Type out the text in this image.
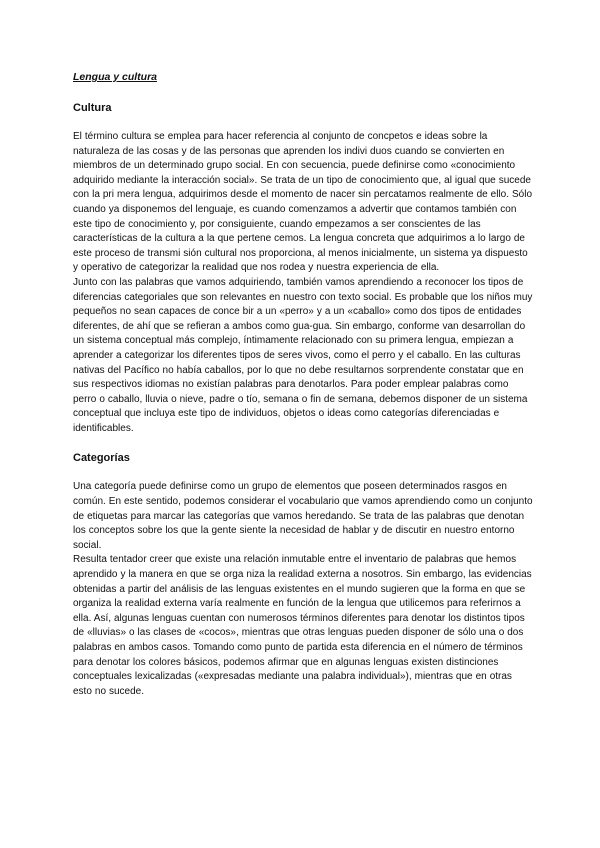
Lengua y cultura

Cultura

El término cultura se emplea para hacer referencia al conjunto de concpetos e ideas sobre la naturaleza de las cosas y de las personas que aprenden los indivi duos cuando se convierten en miembros de un determinado grupo social. En con secuencia, puede definirse como «conocimiento adquirido mediante la interacción social». Se trata de un tipo de conocimiento que, al igual que sucede con la pri mera lengua, adquirimos desde el momento de nacer sin percatamos realmente de ello. Sólo cuando ya disponemos del lenguaje, es cuando comenzamos a advertir que contamos también con este tipo de conocimiento y, por consiguiente, cuando empezamos a ser conscientes de las características de la cultura a la que pertene cemos. La lengua concreta que adquirimos a lo largo de este proceso de transmi sión cultural nos proporciona, al menos inicialmente, un sistema ya dispuesto y operativo de categorizar la realidad que nos rodea y nuestra experiencia de ella.

Junto con las palabras que vamos adquiriendo, también vamos aprendiendo a reconocer los tipos de diferencias categoriales que son relevantes en nuestro con texto social. Es probable que los niños muy pequeños no sean capaces de conce bir a un «perro» y a un «caballo» como dos tipos de entidades diferentes, de ahí que se refieran a ambos como gua-gua. Sin embargo, conforme van desarrollan do un sistema conceptual más complejo, íntimamente relacionado con su primera lengua, empiezan a aprender a categorizar los diferentes tipos de seres vivos, como el perro y el caballo. En las culturas nativas del Pacífico no había caballos, por lo que no debe resultarnos sorprendente constatar que en sus respectivos idiomas no existían palabras para denotarlos. Para poder emplear palabras como perro o caballo, lluvia o nieve, padre o tío, semana o fin de semana, debemos disponer de un sistema conceptual que incluya este tipo de individuos, objetos o ideas como categorías diferenciadas e identificables.

Categorías

Una categoría puede definirse como un grupo de elementos que poseen determinados rasgos en común. En este sentido, podemos considerar el vocabulario que vamos aprendiendo como un conjunto de etiquetas para marcar las categorías que vamos heredando. Se trata de las palabras que denotan los conceptos sobre los que la gente siente la necesidad de hablar y de discutir en nuestro entorno social.

Resulta tentador creer que existe una relación inmutable entre el inventario de palabras que hemos aprendido y la manera en que se orga niza la realidad externa a nosotros. Sin embargo, las evidencias obtenidas a partir del análisis de las lenguas existentes en el mundo sugieren que la forma en que se organiza la realidad externa varía realmente en función de la lengua que utilicemos para referirnos a ella. Así, algunas lenguas cuentan con numerosos términos diferentes para denotar los distintos tipos de «lluvias» o las clases de «cocos», mientras que otras lenguas pueden disponer de sólo una o dos palabras en ambos casos. Tomando como punto de partida esta diferencia en el número de términos para denotar los colores básicos, podemos afirmar que en algunas lenguas existen distinciones conceptuales lexicalizadas («expresadas mediante una palabra individual»), mientras que en otras esto no sucede.
